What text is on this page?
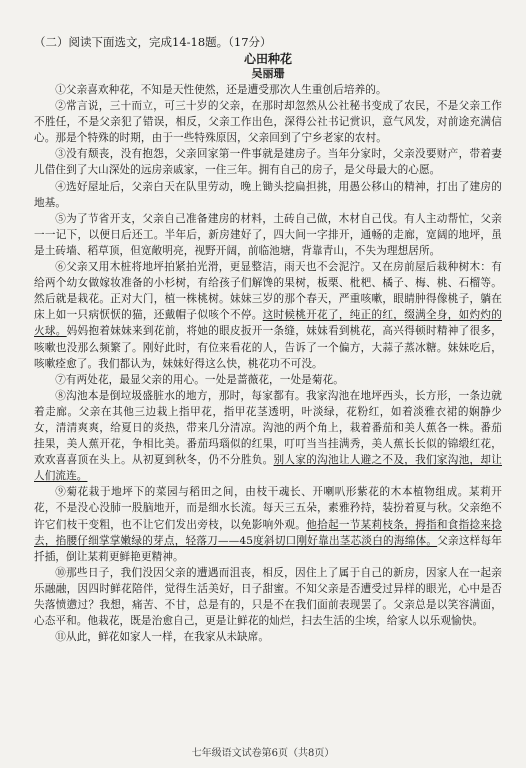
（二）阅读下面选文，完成14-18题。（17分）

心田种花

吴丽珊

①父亲喜欢种花，不知是天性使然，还是遭受那次人生重创后培养的。

②常言说，三十而立，可三十岁的父亲，在那时却忽然从公社秘书变成了农民，不是父亲工作不胜任，不是父亲犯了错误，相反，父亲工作出色，深得公社书记赏识，意气风发，对前途充满信心。那是个特殊的时期，由于一些特殊原因，父亲回到了宁乡老家的农村。

③没有颓丧，没有抱怨，父亲回家第一件事就是建房子。当年分家时，父亲没要财产，带着妻儿借住到了大山深处的远房亲戚家，一住三年。拥有自己的房子，是父母最大的心愿。

④选好屋址后，父亲白天在队里劳动，晚上锄头挖扁担挑，用愚公移山的精神，打出了建房的地基。

⑤为了节省开支，父亲自己准备建房的材料，土砖自己做，木材自己伐。有人主动帮忙，父亲一一记下，以便日后还工。半年后，新房建好了，四大间一字排开，通畅的走廊，宽阔的地坪，虽是土砖墙、稻草顶，但宽敞明亮，视野开阔，前临池塘，背靠青山，不失为理想居所。

⑥父亲又用木桩将地坪拍紧拍光滑，更显整洁，雨天也不会泥泞。又在房前屋后栽种树木：有给两个幼女做嫁妆准备的小杉树，有给孩子们解馋的果树，板栗、枇杷、橘子、梅、桃、石榴等。然后就是栽花。正对大门，植一株桃树。妹妹三岁的那个春天，严重咳嗽，眼睛肿得像桃子，躺在床上如一只病恹恹的猫，还戴帽子似咳个不停。这时候桃开花了，纯正的红，缀满全身，如灼灼的火球。妈妈抱着妹妹来到花前，将她的眼皮扳开一条缝，妹妹看到桃花，高兴得顿时精神了很多，咳嗽也没那么频繁了。刚好此时，有位来看花的人，告诉了一个偏方，大蒜子蒸冰糖。妹妹吃后，咳嗽痊愈了。我们都认为，妹妹好得这么快，桃花功不可没。

⑦有两处花，最显父亲的用心。一处是蔷薇花，一处是菊花。

⑧沟池本是倒垃圾盛脏水的地方，那时，每家都有。我家沟池在地坪西头，长方形，一条边就着走廊。父亲在其他三边栽上指甲花，指甲花茎透明，叶淡绿，花粉红，如着淡雅衣裙的娴静少女，清清爽爽，给夏日的炎热，带来几分清凉。沟池的两个角上，栽着番茄和美人蕉各一株。番茄挂果，美人蕉开花，争相比美。番茄玛瑙似的红果，叮叮当当挂满秀，美人蕉长长似的锦缎红花，欢欢喜喜顶在头上。从初夏到秋冬，仍不分胜负。别人家的沟池让人避之不及，我们家沟池，却让人们流连。

⑨菊花栽于地坪下的菜园与稻田之间，由枝干魂长、开喇叭形紫花的木本植物组成。某莉开花，不是没心没肺一股脑地开，而是细水长流。每天三五朵，素雅矜持，装扮着夏与秋。父亲绝不许它们枝干变粗，也不让它们发出旁枝，以免影响外观。他拾起一节某莉枝条，拇指和食指捻来捻去，掐腰仔细掌掌嫩绿的芽点，轻落刀——45度斜切口刚好靠出茎芯淡白的海绵体。父亲这样每年扦插，倒让某莉更鲜艳更精神。

⑩那些日子，我们没因父亲的遭遇而沮丧，相反，因住上了属于自己的新房，因家人在一起亲乐融融，因四时鲜花陪伴，觉得生活美好，日子甜蜜。不知父亲是否遭受过异样的眼光，心中是否失落愤懑过？我想，痛苦、不甘，总是有的，只是不在我们面前表现罢了。父亲总是以笑容满面，心态平和。他栽花，既是治愈自己，更是让鲜花的灿烂，扫去生活的尘埃，给家人以乐观愉快。

⑪从此，鲜花如家人一样，在我家从未缺席。

七年级语文试卷第6页（共8页）
